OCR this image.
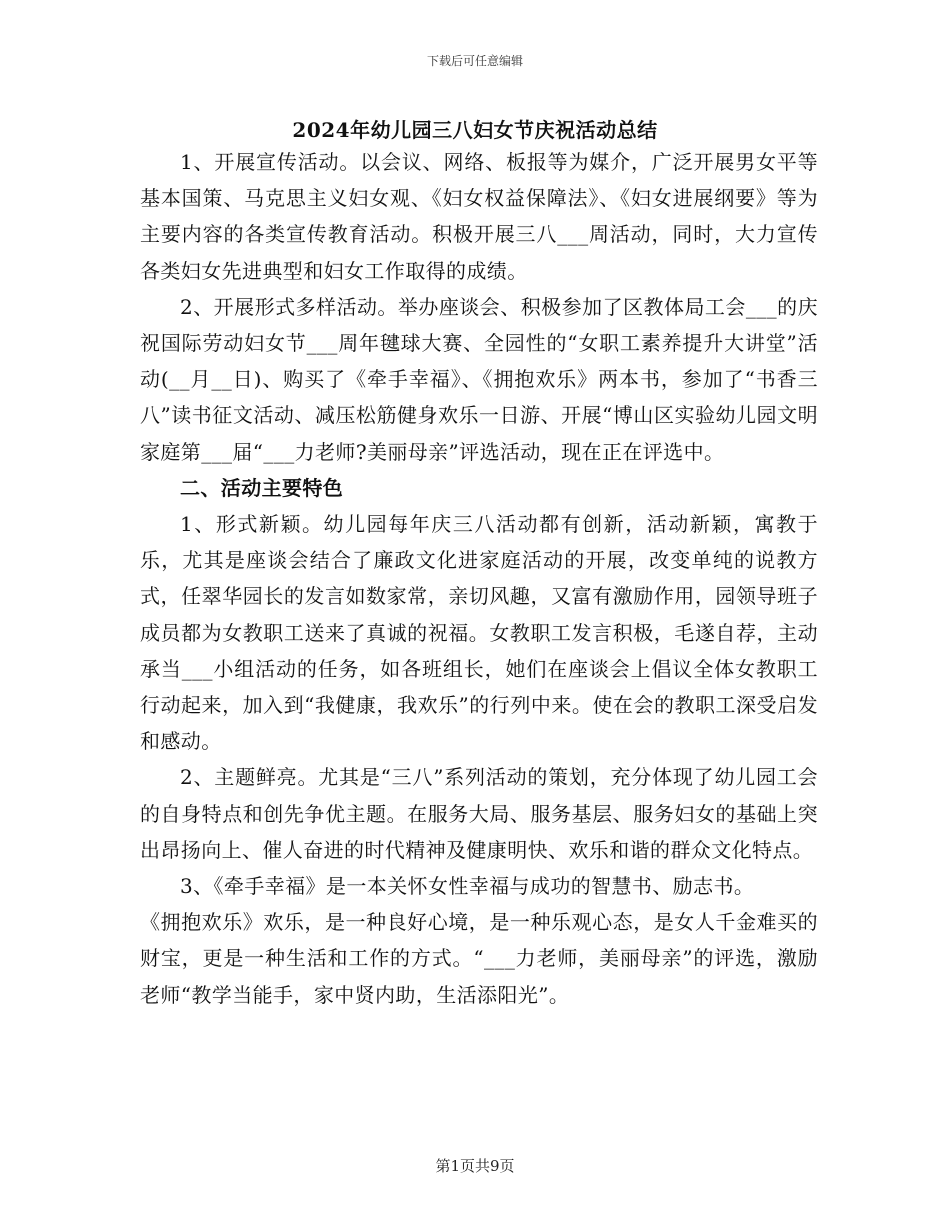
下载后可任意编辑
2024年幼儿园三八妇女节庆祝活动总结

1、开展宣传活动。以会议、网络、板报等为媒介，广泛开展男女平等基本国策、马克思主义妇女观、《妇女权益保障法》、《妇女进展纲要》等为主要内容的各类宣传教育活动。积极开展三八___周活动，同时，大力宣传各类妇女先进典型和妇女工作取得的成绩。

2、开展形式多样活动。举办座谈会、积极参加了区教体局工会___的庆祝国际劳动妇女节___周年毽球大赛、全园性的“女职工素养提升大讲堂”活动(__月__日)、购买了《牵手幸福》、《拥抱欢乐》两本书，参加了“书香三八”读书征文活动、减压松筋健身欢乐一日游、开展“博山区实验幼儿园文明家庭第___届“___力老师?美丽母亲”评选活动，现在正在评选中。

二、活动主要特色

1、形式新颖。幼儿园每年庆三八活动都有创新，活动新颖，寓教于乐，尤其是座谈会结合了廉政文化进家庭活动的开展，改变单纯的说教方式，任翠华园长的发言如数家常，亲切风趣，又富有激励作用，园领导班子成员都为女教职工送来了真诚的祝福。女教职工发言积极，毛遂自荐，主动承当___小组活动的任务，如各班组长，她们在座谈会上倡议全体女教职工行动起来，加入到“我健康，我欢乐”的行列中来。使在会的教职工深受启发和感动。

2、主题鲜亮。尤其是“三八”系列活动的策划，充分体现了幼儿园工会的自身特点和创先争优主题。在服务大局、服务基层、服务妇女的基础上突出昂扬向上、催人奋进的时代精神及健康明快、欢乐和谐的群众文化特点。

3、《牵手幸福》是一本关怀女性幸福与成功的智慧书、励志书。

《拥抱欢乐》欢乐，是一种良好心境，是一种乐观心态，是女人千金难买的财宝，更是一种生活和工作的方式。“___力老师，美丽母亲”的评选，激励老师“教学当能手，家中贤内助，生活添阳光”。

第1页共9页
